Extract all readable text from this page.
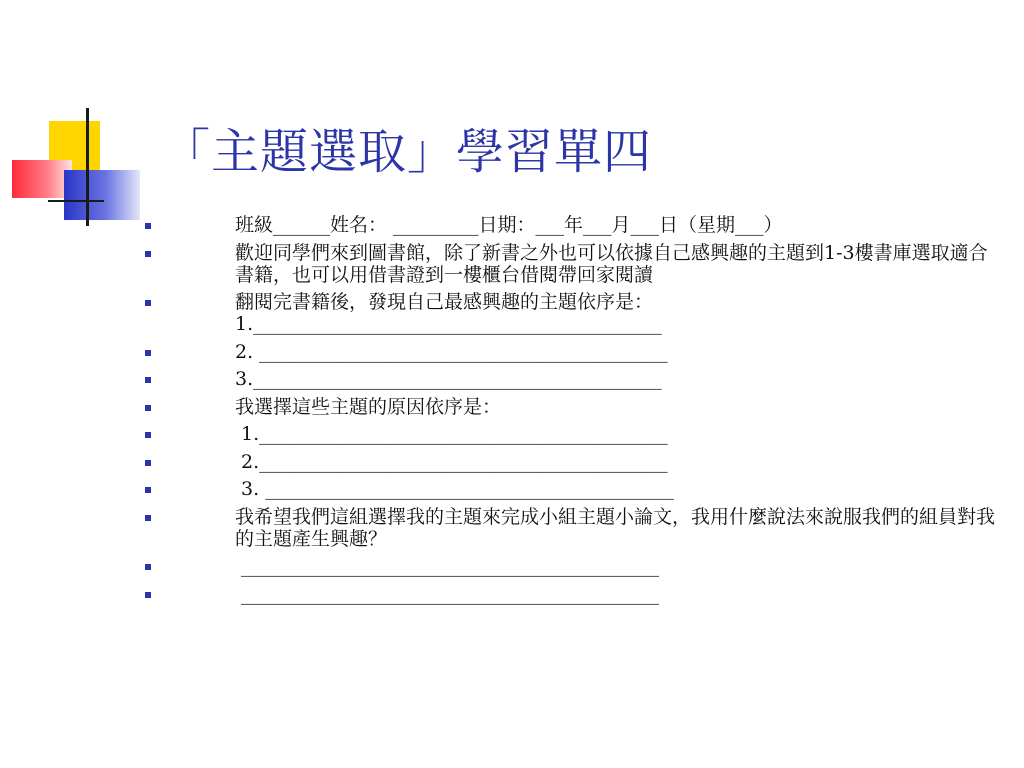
「主題選取」學習單四
班級______姓名： _________日期：___年___月___日（星期___）
歡迎同學們來到圖書館，除了新書之外也可以依據自己感興趣的主題到1-3樓書庫選取適合書籍，也可以用借書證到一樓櫃台借閱帶回家閱讀
翻閱完書籍後，發現自己最感興趣的主題依序是：
1.___________________________________________
2. ___________________________________________
3.___________________________________________
我選擇這些主題的原因依序是：
1.___________________________________________
2.___________________________________________
3. ___________________________________________
我希望我們這組選擇我的主題來完成小組主題小論文，我用什麼說法來說服我們的組員對我的主題產生興趣？
____________________________________________
____________________________________________
